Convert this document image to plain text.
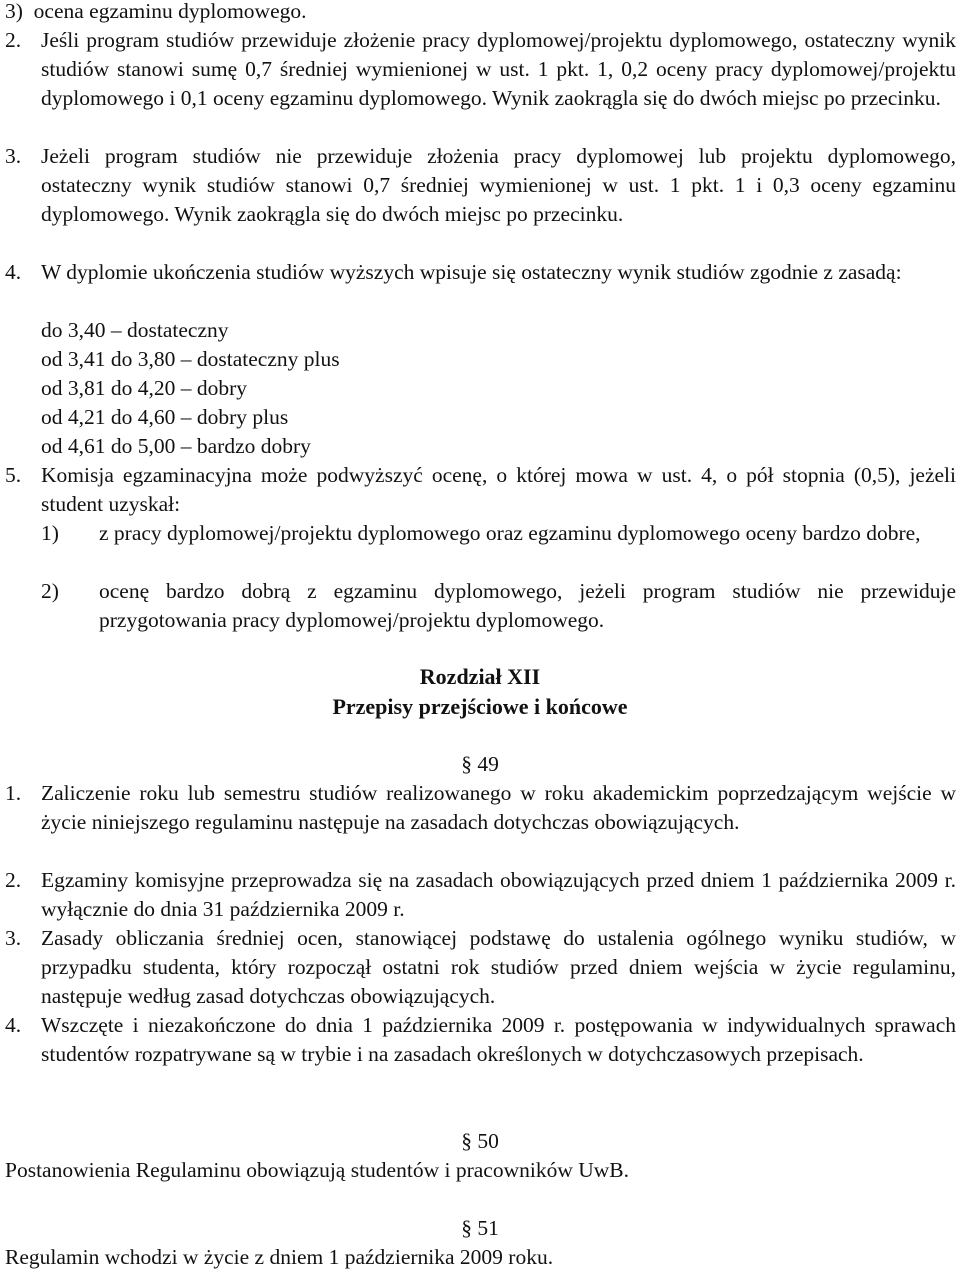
3) ocena egzaminu dyplomowego.
2. Jeśli program studiów przewiduje złożenie pracy dyplomowej/projektu dyplomowego, ostateczny wynik studiów stanowi sumę 0,7 średniej wymienionej w ust. 1 pkt. 1, 0,2 oceny pracy dyplomowej/projektu dyplomowego i 0,1 oceny egzaminu dyplomowego. Wynik zaokrągla się do dwóch miejsc po przecinku.
3. Jeżeli program studiów nie przewiduje złożenia pracy dyplomowej lub projektu dyplomowego, ostateczny wynik studiów stanowi 0,7 średniej wymienionej w ust. 1 pkt. 1 i 0,3 oceny egzaminu dyplomowego. Wynik zaokrągla się do dwóch miejsc po przecinku.
4. W dyplomie ukończenia studiów wyższych wpisuje się ostateczny wynik studiów zgodnie z zasadą:
do 3,40 – dostateczny
od 3,41 do 3,80 – dostateczny plus
od 3,81 do 4,20 – dobry
od 4,21 do 4,60 – dobry plus
od 4,61 do 5,00 – bardzo dobry
5. Komisja egzaminacyjna może podwyższyć ocenę, o której mowa w ust. 4, o pół stopnia (0,5), jeżeli student uzyskał:
1) z pracy dyplomowej/projektu dyplomowego oraz egzaminu dyplomowego oceny bardzo dobre,
2) ocenę bardzo dobrą z egzaminu dyplomowego, jeżeli program studiów nie przewiduje przygotowania pracy dyplomowej/projektu dyplomowego.
Rozdział XII
Przepisy przejściowe i końcowe
§ 49
1. Zaliczenie roku lub semestru studiów realizowanego w roku akademickim poprzedzającym wejście w życie niniejszego regulaminu następuje na zasadach dotychczas obowiązujących.
2. Egzaminy komisyjne przeprowadza się na zasadach obowiązujących przed dniem 1 października 2009 r. wyłącznie do dnia 31 października 2009 r.
3. Zasady obliczania średniej ocen, stanowiącej podstawę do ustalenia ogólnego wyniku studiów, w przypadku studenta, który rozpoczął ostatni rok studiów przed dniem wejścia w życie regulaminu, następuje według zasad dotychczas obowiązujących.
4. Wszczęte i niezakończone do dnia 1 października 2009 r. postępowania w indywidualnych sprawach studentów rozpatrywane są w trybie i na zasadach określonych w dotychczasowych przepisach.
§ 50
Postanowienia Regulaminu obowiązują studentów i pracowników UwB.
§ 51
Regulamin wchodzi w życie z dniem 1 października 2009 roku.
